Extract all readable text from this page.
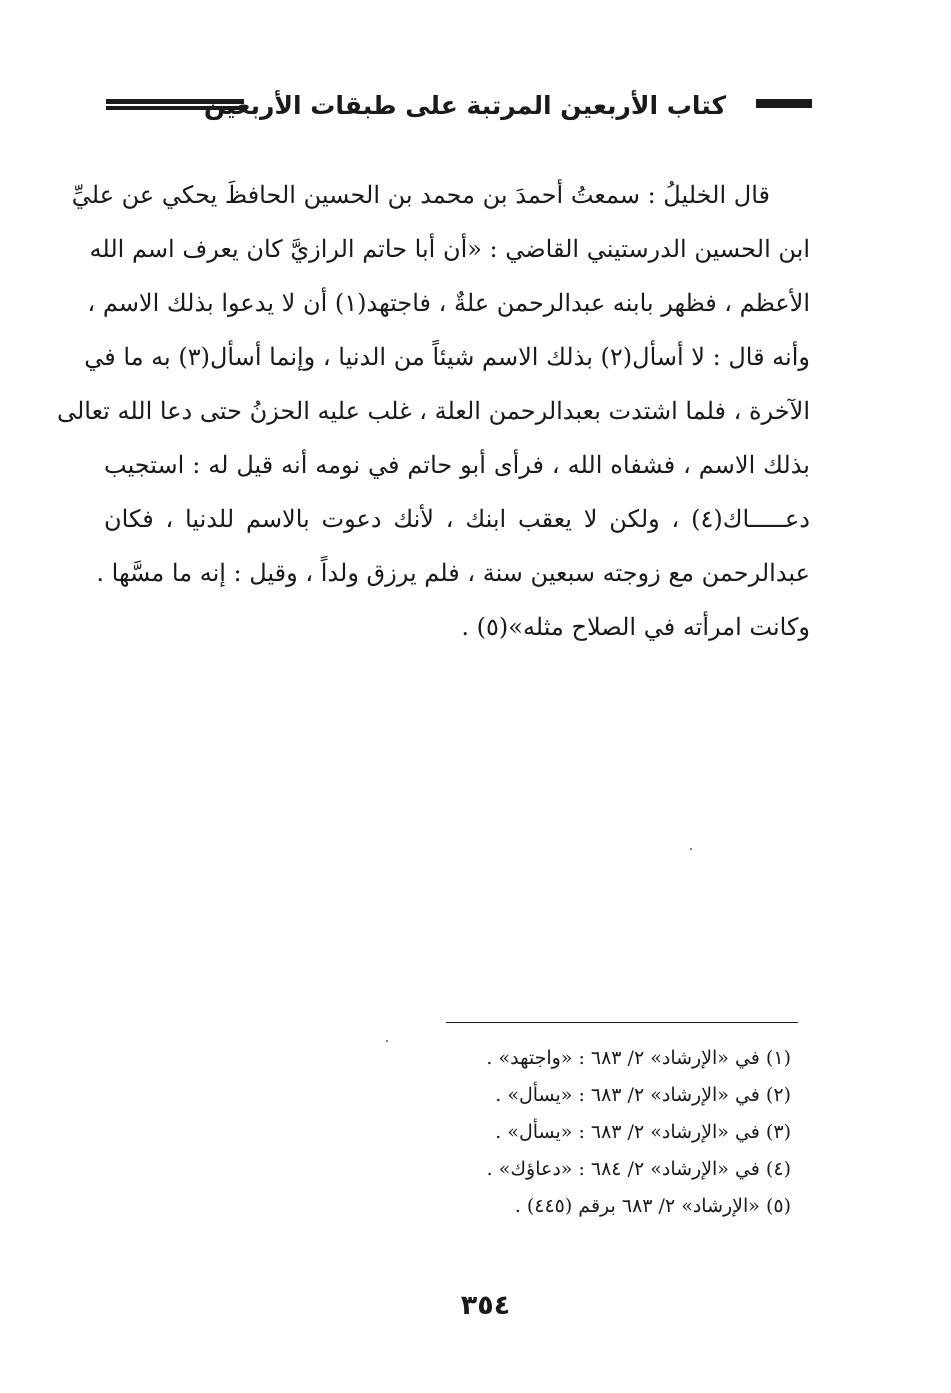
كتاب الأربعين المرتبة على طبقات الأربعين
قال الخليلُ : سمعتُ أحمدَ بن محمد بن الحسين الحافظَ يحكي عن عليِّ
ابن الحسين الدرستيني القاضي : «أن أبا حاتم الرازيَّ كان يعرف اسم الله
الأعظم ، فظهر بابنه عبدالرحمن علةٌ ، فاجتهد(١) أن لا يدعوا بذلك الاسم ،
وأنه قال : لا أسأل(٢) بذلك الاسم شيئاً من الدنيا ، وإنما أسأل(٣) به ما في
الآخرة ، فلما اشتدت بعبدالرحمن العلة ، غلب عليه الحزنُ حتى دعا الله تعالى
بذلك الاسم ، فشفاه الله ، فرأى أبو حاتم في نومه أنه قيل له : استجيب
دعـــــاك(٤) ، ولكن لا يعقب ابنك ، لأنك دعوت بالاسم للدنيا ، فكان
عبدالرحمن مع زوجته سبعين سنة ، فلم يرزق ولداً ، وقيل : إنه ما مسَّها .
وكانت امرأته في الصلاح مثله»(٥) .
(١) في «الإرشاد» ٢/ ٦٨٣ : «واجتهد» .
(٢) في «الإرشاد» ٢/ ٦٨٣ : «يسأل» .
(٣) في «الإرشاد» ٢/ ٦٨٣ : «يسأل» .
(٤) في «الإرشاد» ٢/ ٦٨٤ : «دعاؤك» .
(٥) «الإرشاد» ٢/ ٦٨٣ برقم (٤٤٥) .
٣٥٤
